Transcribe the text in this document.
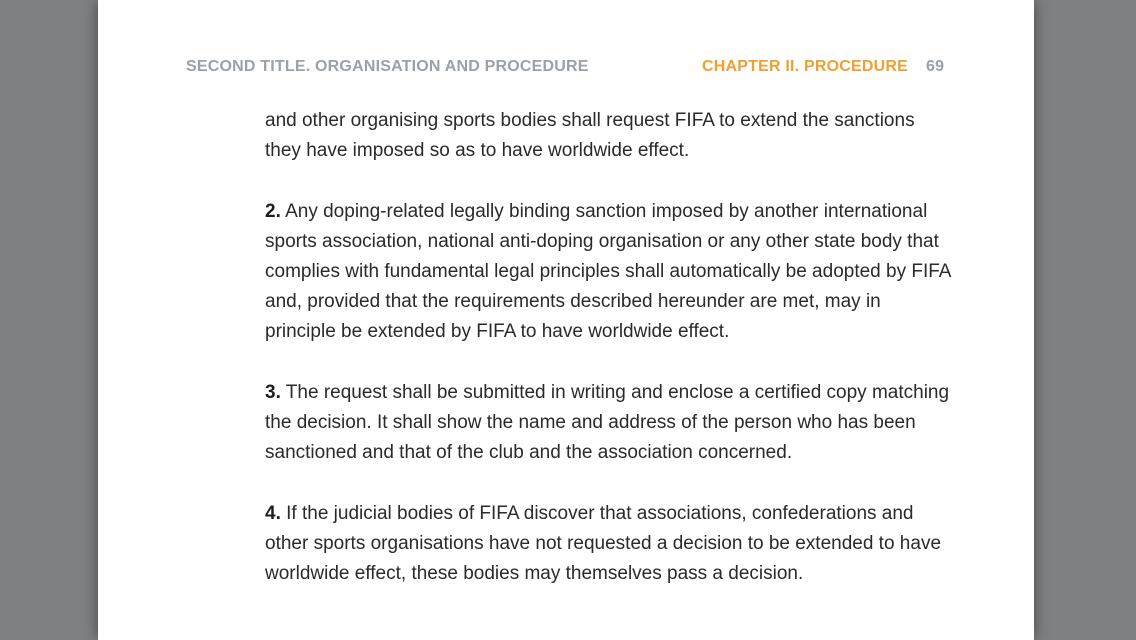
SECOND TITLE. ORGANISATION AND PROCEDURE	CHAPTER II. PROCEDURE 69

and other organising sports bodies shall request FIFA to extend the sanctions they have imposed so as to have worldwide effect.

2. Any doping-related legally binding sanction imposed by another international sports association, national anti-doping organisation or any other state body that complies with fundamental legal principles shall automatically be adopted by FIFA and, provided that the requirements described hereunder are met, may in principle be extended by FIFA to have worldwide effect.

3. The request shall be submitted in writing and enclose a certified copy matching the decision. It shall show the name and address of the person who has been sanctioned and that of the club and the association concerned.

4. If the judicial bodies of FIFA discover that associations, confederations and other sports organisations have not requested a decision to be extended to have worldwide effect, these bodies may themselves pass a decision.
